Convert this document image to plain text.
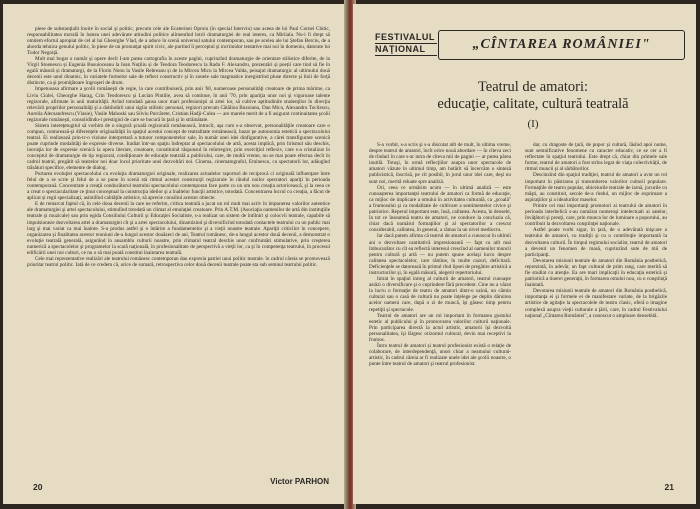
piese de substanţialit înoire în social şi politic, precum cele ale Ecaterinei Oproiu (în special Interviu) sau aceea de loi Paul Cornel Chitic, responsabilitatea morală în lumea unei adevărate atitudini politice alimentînd lotrii dramaturgiei de real interes, ca Miriiala. Nu-i fi drept să omitem efortul apropiat de cel al lui Gheorghe Vlad, de a aduce în scenă universul satului contemporan, sau pe acelea ale lui Ştefan Berciu, de a aborda tehnica genului politic, în piese de un pronunţat spirit civic, ale purtind îi perceptul şi incrimidor tentative mai noi în domeniu, datorate lui Tudor Negoiţă.

Mult mai bogat o număr şi opere decît I-am putea cartografia în aceste pagini, cuprinzînd dramaturgie de orientare stilistice diferite, de la Virgil Stoenescu și Eugenia Busuioceanu la Ioan Nuțiliu și de Teodora Teodorescu la Radu F. Alexandru, prezentări și poeții care tind să fie în egală măsură și dramaturgi, de la Florin Nonu la Vasile Rebreanu și de la Mircea Micu la Mircea Valda, peisajul dramaturgic al ultimului două decenii este unul dinamic, în variatele formelor sale de reflect constructiv și în zonele sale magmatice inregistrînd pluse directe şi linii de forţă distincte, ca şi promiţătoare îngroşeri de drum.

Impetuoasa afirmare a şcolii româneşti de regie, la care contribuiseră, prin anii '60, numeroase personalităţi creatoare de prima mărime, ca Liviu Ciulei, Gheorghe Harag, Crin Teodorescu şi Lucian Pintilie, avea să continue, în anii '70, prin apariţia unor noi şi viguroase talente regizorale, afirmate in anii maturităţii. Avînd totodată şansa unor mari profesionişti ai artei lor, să cultive aptitudinile studenţilor în direcţia relevării propriilor personalităţi şi a dobîndirii unui sigliu stilistic personal, regizori precum Cătălina Buzoianu, Dan Micu, Alexandru Tocilescu, Aurelia Alecsandrescu (Vlasie), Vasile Mahoski sau Silviu Purcărete, Cristian Hadji-Culea — are marele merit de a fi asigurat continuitatea şcolii regizorale româneşti, consolidîndu-i prestigiul de care se bucură în ţară şi în străinătate.

Sistem intereţetugitul să vorbim de o singură şcoală regizorală românească, întrucît, aşa cum s-a observat, personalităţile creatoare care o compun, conturează-şi diferenţele originalităţii în spaţiul acestui concept de teatralitate românească, bazat pe autonomia estetică a spectacolului teatral. Ei realizează prin-tr-o viziune interpretară a tuturor componentelor sale, în număr unei idei dinfigurative, a cărei transfigurare scenică poate cuprinde modalităţi de expresie diverse. Iradiat într-un spaţiu îndreptat al spectacolului de artă, acesta implică, prin lirismul său deschis, inovaţia lor de expresie scenică la opera literare, creatoare, constituind răspunsul în reîntregire, prin exerciţiul reflexiv, care s-a cristalizat în conceptul de dramaturgie de tip regizoral, condiţionare de educaţie teatrală a publicului, care, de multă vreme, nu se mai poate efectua decît în cadrul teatral, pregătit să teatrelor noi doar locul prioritate unei dezvoltări noi. Cinema, cinematograful, Eminescu, cu spectatorii lor, adăugînd trăsături specifice, elemente de dialog.

Purtarea evoluţiei spectacolului cu evoluţia dramaturgiei originale, realizarea actualelor raporturi de reciprocă ci originală influenţare între felul de a se scrie şi felul de a se pune în scenă stă ritmul acestei construcţii regizorale în rândul noilor spectatori apariţi în perioada contemporană. Concentrate a creaţii conducătorul teatrului spectacolului contemporan face parte cu un om nou creaţia actoricească, şi la ceea ce a creat o spectacularitate ce ţinut conceptual la construcţia ideilor şi a înaltelor funcţii artistice, totodată. Concentrarea lucrul cu creaţia, a făcut de aplicat și regii specializați, asimilînd calităţile artistice, să aprecie consiliul acestor obiecte.

E de remarcat faptul că, în cele doua decenii la care ne referim, critica teatrală a jucat un rol mult mai activ în impunerea valorilor autentice ale dramaturgiei şi artei spectacolului, stimulînd totodată un climat al emulaţiei creatoare. Prin A.T.M. (Asociaţia oamenilor de artă din instituţiile teatrale şi muzicale) sau prin egida Consiliului Culturii şi Educaţiei Socialiste, s-a realizat un sistem de întîlniri şi colocvii teatrale, capabile să impulsioneze dezvoltarea artei a dramaturgiei cît şi a artei spectacolului, dinamizind şi diversificînd totodată contactele teatrului cu un public mai larg şi mai variat ca mai înainte. S-a produs astfel şi o întărire a fundamentelor şi a vieţii noastre teatrale. Apariţii criticilor în concepere, organizarea şi finalitatea acestor reuniuni de-a lungul acestor douăzeci de ani, Teatrul românesc, de-a lungul acestor două decenii, a demonstrat o evoluţie teatrală generală, asigurând în ansamblu culturii noastre, prin climatul teatral deschis unor confruntări stimulative, prin creşterea numerică a spectacolelor şi programelor la scară naţională, în profesionalitate de perspectivă a vieţii lor, ca şi în competenţa teatrului, în procesul edificării unei noi culturi, ce nu o să mai poată constitui înaintarea teatrală.

Cele mai reprezentative realizări ale teatrului românesc contemporan dau expresia patriei unui politic teatrale. în cadrul căreia se promovează prioritar teatrul politic. Iată de ce credem că, orice de sumară, retrospectiva celor două decenii teatrale poate sta sub semnul teatrului politic.

Victor PARHON
20
FESTIVALUL
NAŢIONAL	„CÎNTAREA ROMÂNIEI"
Teatrul de amatori:
educaţie, calitate, cultură teatrală
(I)

S-a vorbit, s-a scris şi s-a discutat atît de mult, în ultima vreme, despre teatrul de amatori, încît orice nouă abordare — în cîteva zeci de rînduri în care s-ar intra de cîteva mii de pagini — ar putea părea inutilă. Totuşi, în urmă reflecţiilor asupra unor spectacole de amatori văzute în ultimul timp, am hotărît să încercăm o sinteză publicistică, înscrisă, pe cît posibil, în jurul unor idei care, deşi nu sunt noi, merită reluate spre analiză.

Ori, ceea ce urmărim acum — în ultimă analiză — este cunoaşterea importanţei teatrului de amatori ca formă de educaţie, ca mijloc de implicare a omului în activitatea culturală, ca „şcoală" a frumosului şi ca modalitate de cultivare a sentimentelor civice şi patriotice. Reperul important este, însă, calitatea. Acesta, în deosebi, în tot ce înseamnă teatru de amatori, ne conduce la concluzia că, chiar dacă numărul formaţiilor şi al spectatorilor a crescut considerabil, calitatea, în general, a rămas la un nivel mediocru.

Iar dacă putem afirma că teatrul de amatori a cunoscut în ultimii ani o dezvoltare cantitativă impresionantă — fapt cu atît mai îmbucurător cu cît ea reflectă interesul crescînd al oamenilor muncii pentru cultură şi artă — nu putem spune acelaşi lucru despre calitatea spectacolelor, care rămîne, în multe cazuri, deficitară. Deficienţele se datorează în primul rînd lipsei de pregătire artistică a instructorilor şi, în egală măsură, alegerii repertoriului.

Intrat în spaţiul intreg al culturii de amatori, teatrul cunoaşte astăzi o diversificare şi o cuprindere fără precedent. Cine nu a văzut la lucru o formaţie de teatru de amatori dintr-o uzină, un cămin cultural sau o casă de cultură nu poate înţelege pe deplin dăruirea acelor oameni care, după o zi de muncă, îşi găsesc timp pentru repetiţii şi spectacole.

Teatrul de amatori are un rol important în formarea gustului estetic al publicului şi în promovarea valorilor culturii naţionale. Prin participarea directă la actul artistic, amatorii îşi dezvoltă personalitatea, îşi lărgesc orizontul cultural, devin mai receptivi la frumos.

Întru teatrul de amatori și teatrul profesionist există o relaţie de colaborare, de interdependenţă, unori chiar a neamului cultural-artistic, în cadrul căreia ar fi realizate unele idei ale şcolii noastre, o punte între teatrul de amatori şi teatrul profesionist.

dar, cu dragoste de ţară, de popor şi cultură, lăsînd apoi nume, sunt semnificative fenomene cu caracter educativ, ce se cer a fi reflectate în spaţiul teatrului. Este drept că, chiar din primele sale forme, teatrul de amatori a fost strîns legat de viaţa colectivităţii, de ritmul muncii şi al sărbătorilor.

Descinzînd din spaţiul tradiţiei, teatrul de amatori a avut un rol important în păstrarea şi transmiterea valorilor culturii populare. Formaţiile de teatru popular, obiceiurile teatrale de iarnă, jocurile cu măşti, au constituit, secole de-a rîndul, un mijloc de exprimare a aspiraţiilor şi a idealurilor maselor.

Printre cei mai importanţi promotori ai teatrului de amatori în perioada interbelică s-au numărat numeroşi intelectuali ai satelor, învăţători şi preoţi, care, prin munca lor de luminare a poporului, au contribuit la dezvoltarea conştiinţei naţionale.

Astfel poate vorbi sigur, în ţară, de o adevărată mişcare a teatrului de amatori, cu tradiţii şi cu o contribuţie importantă la dezvoltarea culturii. În timpul regimului socialist, teatrul de amatori a devenit un fenomen de masă, cuprinzînd sute de mii de participanţi.

Devotarea misiunii teatrale de amatori din România postbelică, reprezintă, în adevăr, un fapt cultural de prim rang, care merită să fie studiat cu atenţie. Ea are mari implicaţii în educaţia estetică şi patriotică a tinerei generaţii, în formarea omului nou, cu o conştiinţă înaintată.

Devotarea misiunii teatrale de amatori din România postbelică, importanţa ei şi formele ei de manifestare variate, de la brigăzile artistice de agitaţie la spectacolele de teatru clasic, oferă o imagine complexă asupra vieţii culturale a ţării, care, în cadrul Festivalului naţional „Cîntarea României", a cunoscut o amploare deosebită.

21
